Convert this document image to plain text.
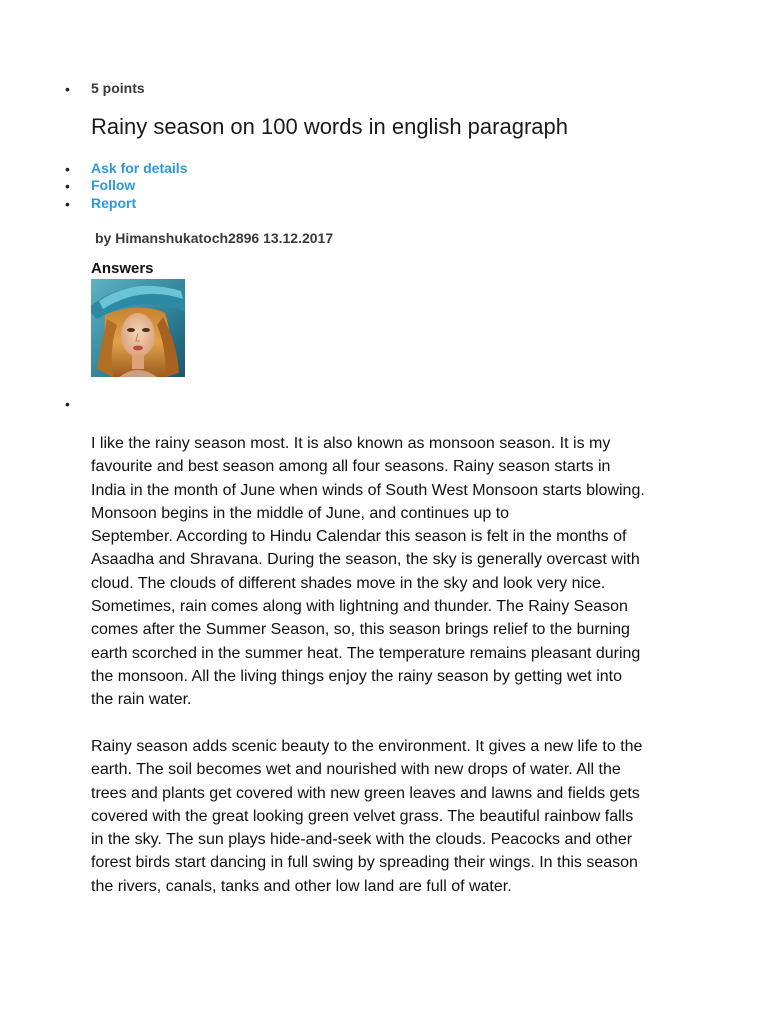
•
•
•
•
•
5 points
Rainy season on 100 words in english paragraph
Ask for details
Follow
Report
by Himanshukatoch2896 13.12.2017
Answers

I like the rainy season most. It is also known as monsoon season. It is my
favourite and best season among all four seasons. Rainy season starts in
India in the month of June when winds of South West Monsoon starts blowing.
Monsoon begins in the middle of June, and continues up to
September. According to Hindu Calendar this season is felt in the months of
Asaadha and Shravana. During the season, the sky is generally overcast with
cloud. The clouds of different shades move in the sky and look very nice.
Sometimes, rain comes along with lightning and thunder. The Rainy Season
comes after the Summer Season, so, this season brings relief to the burning
earth scorched in the summer heat. The temperature remains pleasant during
the monsoon. All the living things enjoy the rainy season by getting wet into
the rain water.

Rainy season adds scenic beauty to the environment. It gives a new life to the
earth. The soil becomes wet and nourished with new drops of water. All the
trees and plants get covered with new green leaves and lawns and fields gets
covered with the great looking green velvet grass. The beautiful rainbow falls
in the sky. The sun plays hide-and-seek with the clouds. Peacocks and other
forest birds start dancing in full swing by spreading their wings. In this season
the rivers, canals, tanks and other low land are full of water.
